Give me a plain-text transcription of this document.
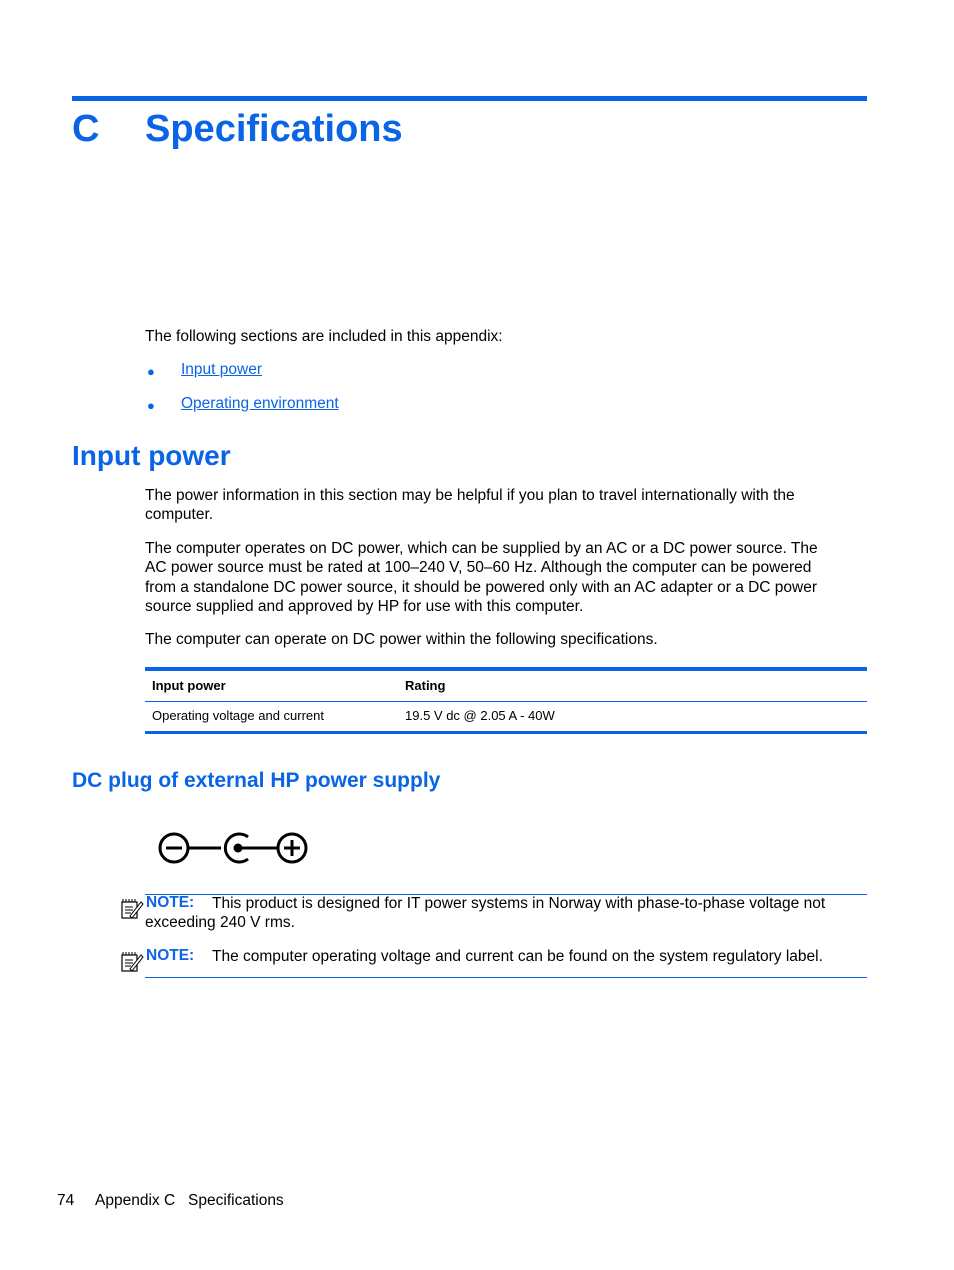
C Specifications
The following sections are included in this appendix:
● Input power
● Operating environment
Input power
The power information in this section may be helpful if you plan to travel internationally with the
computer.
The computer operates on DC power, which can be supplied by an AC or a DC power source. The
AC power source must be rated at 100–240 V, 50–60 Hz. Although the computer can be powered
from a standalone DC power source, it should be powered only with an AC adapter or a DC power
source supplied and approved by HP for use with this computer.
The computer can operate on DC power within the following specifications.
Input power	Rating
Operating voltage and current	19.5 V dc @ 2.05 A - 40W
DC plug of external HP power supply
NOTE: This product is designed for IT power systems in Norway with phase-to-phase voltage not
exceeding 240 V rms.
NOTE: The computer operating voltage and current can be found on the system regulatory label.
74 Appendix C   Specifications
